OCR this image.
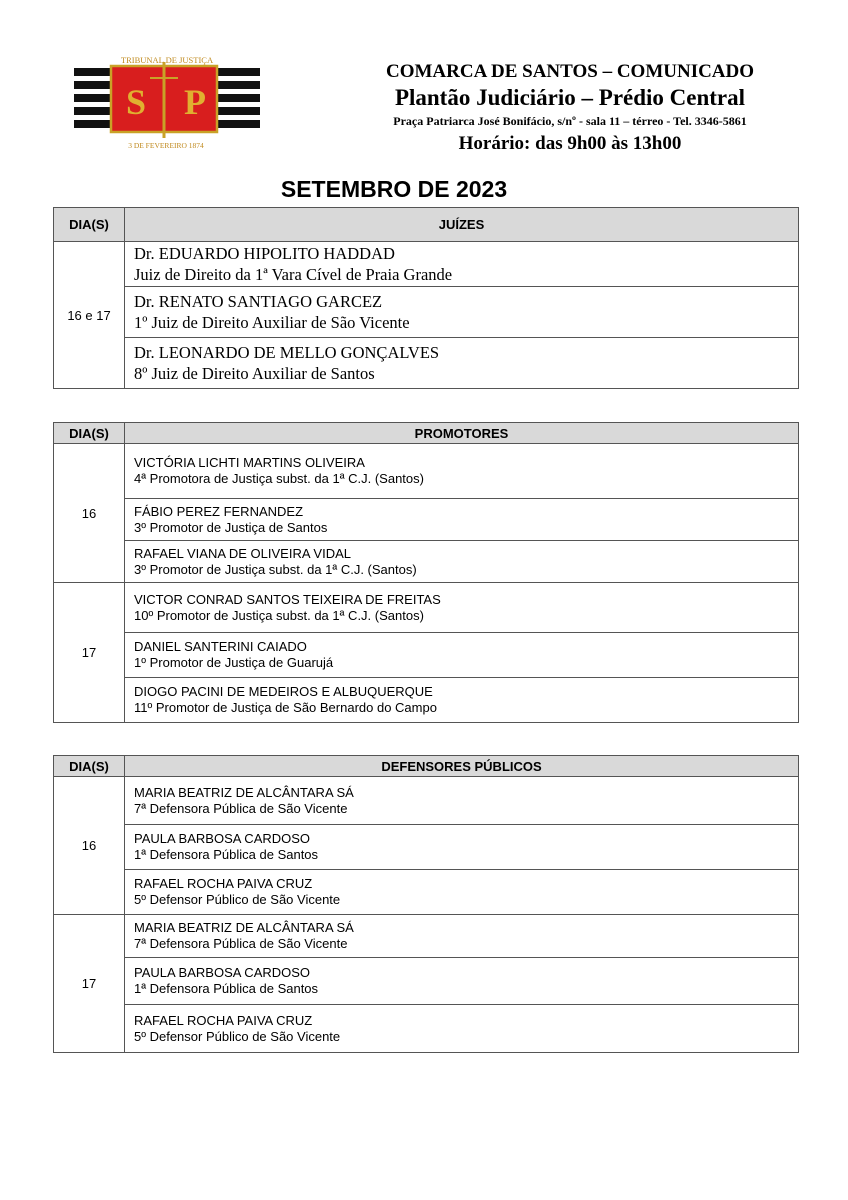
S P
TRIBUNAL DE JUSTIÇA
3 DE FEVEREIRO 1874
COMARCA DE SANTOS – COMUNICADO
Plantão Judiciário – Prédio Central
Praça Patriarca José Bonifácio, s/nº - sala 11 – térreo - Tel. 3346-5861
Horário: das 9h00 às 13h00
SETEMBRO DE 2023
DIA(S)	JUÍZES
16 e 17	Dr. EDUARDO HIPOLITO HADDAD
Juiz de Direito da 1ª Vara Cível de Praia Grande

	Dr. RENATO SANTIAGO GARCEZ
1º Juiz de Direito Auxiliar de São Vicente

	Dr. LEONARDO DE MELLO GONÇALVES
8º Juiz de Direito Auxiliar de Santos
DIA(S)	PROMOTORES
16	VICTÓRIA LICHTI MARTINS OLIVEIRA
4ª Promotora de Justiça subst. da 1ª C.J. (Santos)

	FÁBIO PEREZ FERNANDEZ
3º Promotor de Justiça de Santos

	RAFAEL VIANA DE OLIVEIRA VIDAL
3º Promotor de Justiça subst. da 1ª C.J. (Santos)

17	VICTOR CONRAD SANTOS TEIXEIRA DE FREITAS
10º Promotor de Justiça subst. da 1ª C.J. (Santos)

	DANIEL SANTERINI CAIADO
1º Promotor de Justiça de Guarujá

	DIOGO PACINI DE MEDEIROS E ALBUQUERQUE
11º Promotor de Justiça de São Bernardo do Campo
DIA(S)	DEFENSORES PÚBLICOS
16	MARIA BEATRIZ DE ALCÂNTARA SÁ
7ª Defensora Pública de São Vicente

	PAULA BARBOSA CARDOSO
1ª Defensora Pública de Santos

	RAFAEL ROCHA PAIVA CRUZ
5º Defensor Público de São Vicente

17	MARIA BEATRIZ DE ALCÂNTARA SÁ
7ª Defensora Pública de São Vicente

	PAULA BARBOSA CARDOSO
1ª Defensora Pública de Santos

	RAFAEL ROCHA PAIVA CRUZ
5º Defensor Público de São Vicente
